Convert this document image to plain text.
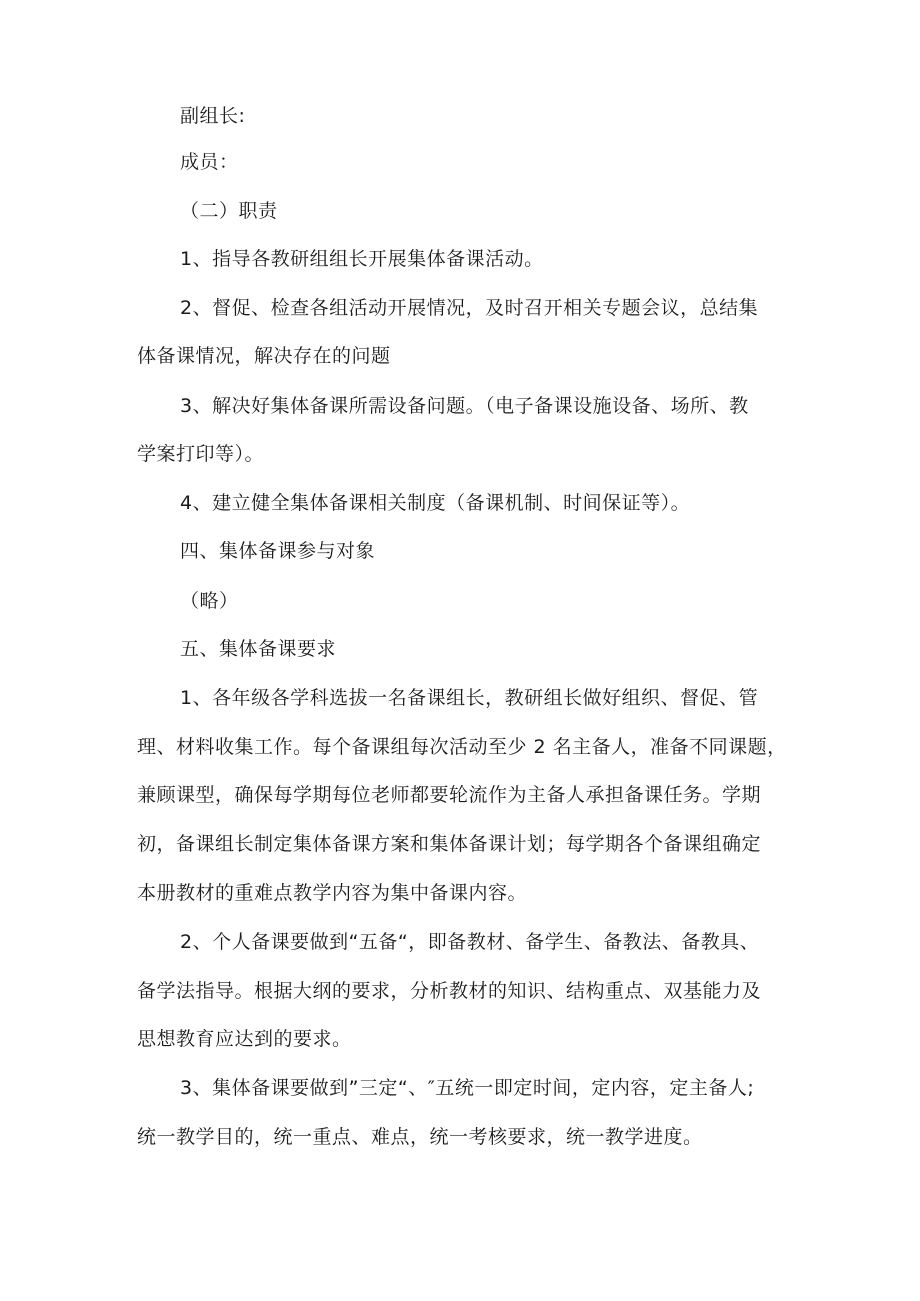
副组长:
成员：
（二）职责
1、指导各教研组组长开展集体备课活动。
2、督促、检查各组活动开展情况，及时召开相关专题会议，总结集
体备课情况，解决存在的问题
3、解决好集体备课所需设备问题。（电子备课设施设备、场所、教
学案打印等）。
4、建立健全集体备课相关制度（备课机制、时间保证等）。
四、集体备课参与对象
（略）
五、集体备课要求
1、各年级各学科选拔一名备课组长，教研组长做好组织、督促、管
理、材料收集工作。每个备课组每次活动至少 2 名主备人，准备不同课题，
兼顾课型，确保每学期每位老师都要轮流作为主备人承担备课任务。学期
初，备课组长制定集体备课方案和集体备课计划；每学期各个备课组确定
本册教材的重难点教学内容为集中备课内容。
2、个人备课要做到“五备“，即备教材、备学生、备教法、备教具、
备学法指导。根据大纲的要求，分析教材的知识、结构重点、双基能力及
思想教育应达到的要求。
3、集体备课要做到”三定“、″五统一即定时间，定内容，定主备人;
统一教学目的，统一重点、难点，统一考核要求，统一教学进度。
